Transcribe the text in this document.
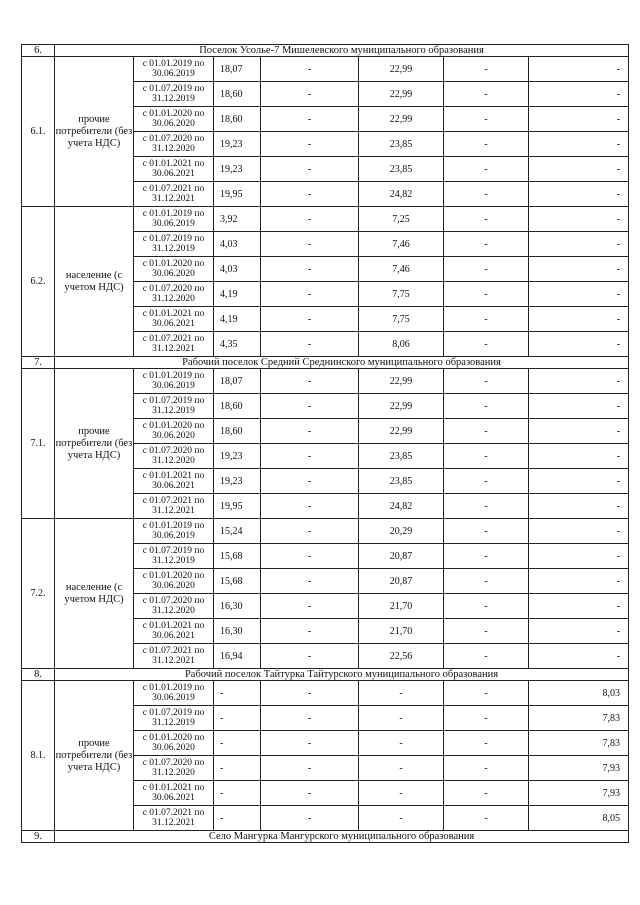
6.	Поселок Усолье-7 Мишелевского муниципального образования						
6.1.	прочие потребители (без учета НДС)	с 01.01.2019 по 30.06.2019	18,07	-	22,99	-	-
		с 01.07.2019 по 31.12.2019	18,60	-	22,99	-	-
		с 01.01.2020 по 30.06.2020	18,60	-	22,99	-	-
		с 01.07.2020 по 31.12.2020	19,23	-	23,85	-	-
		с 01.01.2021 по 30.06.2021	19,23	-	23,85	-	-
		с 01.07.2021 по 31.12.2021	19,95	-	24,82	-	-
6.2.	население (с учетом НДС)	с 01.01.2019 по 30.06.2019	3,92	-	7,25	-	-
		с 01.07.2019 по 31.12.2019	4,03	-	7,46	-	-
		с 01.01.2020 по 30.06.2020	4,03	-	7,46	-	-
		с 01.07.2020 по 31.12.2020	4,19	-	7,75	-	-
		с 01.01.2021 по 30.06.2021	4,19	-	7,75	-	-
		с 01.07.2021 по 31.12.2021	4,35	-	8,06	-	-
7.	Рабочий поселок Средний Среднинского муниципального образования						
7.1.	прочие потребители (без учета НДС)	с 01.01.2019 по 30.06.2019	18,07	-	22,99	-	-
		с 01.07.2019 по 31.12.2019	18,60	-	22,99	-	-
		с 01.01.2020 по 30.06.2020	18,60	-	22,99	-	-
		с 01.07.2020 по 31.12.2020	19,23	-	23,85	-	-
		с 01.01.2021 по 30.06.2021	19,23	-	23,85	-	-
		с 01.07.2021 по 31.12.2021	19,95	-	24,82	-	-
7.2.	население (с учетом НДС)	с 01.01.2019 по 30.06.2019	15,24	-	20,29	-	-
		с 01.07.2019 по 31.12.2019	15,68	-	20,87	-	-
		с 01.01.2020 по 30.06.2020	15,68	-	20,87	-	-
		с 01.07.2020 по 31.12.2020	16,30	-	21,70	-	-
		с 01.01.2021 по 30.06.2021	16,30	-	21,70	-	-
		с 01.07.2021 по 31.12.2021	16,94	-	22,56	-	-
8.	Рабочий поселок Тайтурка Тайтурского муниципального образования						
8.1.	прочие потребители (без учета НДС)	с 01.01.2019 по 30.06.2019	-	-	-	-	8,03
		с 01.07.2019 по 31.12.2019	-	-	-	-	7,83
		с 01.01.2020 по 30.06.2020	-	-	-	-	7,83
		с 01.07.2020 по 31.12.2020	-	-	-	-	7,93
		с 01.01.2021 по 30.06.2021	-	-	-	-	7,93
		с 01.07.2021 по 31.12.2021	-	-	-	-	8,05
9.	Село Мангурка Мангурского муниципального образования						
